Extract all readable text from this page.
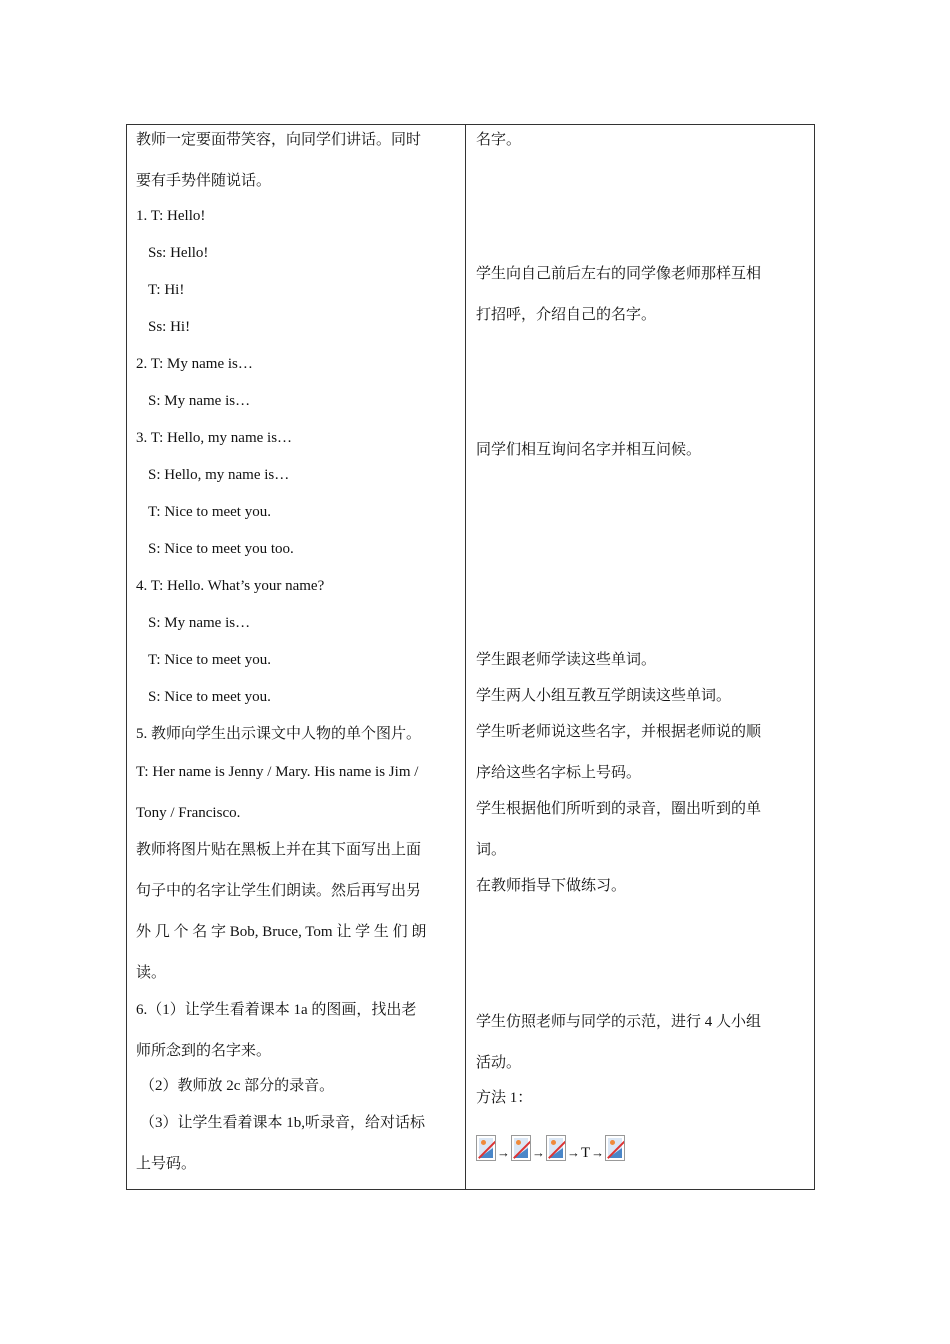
教师一定要面带笑容，向同学们讲话。同时
要有手势伴随说话。
1. T: Hello!
Ss: Hello!
T: Hi!
Ss: Hi!
2. T: My name is…
S: My name is…
3. T: Hello, my name is…
S: Hello, my name is…
T: Nice to meet you.
S: Nice to meet you too.
4. T: Hello. What’s your name?
S: My name is…
T: Nice to meet you.
S: Nice to meet you.
5. 教师向学生出示课文中人物的单个图片。
T: Her name is Jenny / Mary. His name is Jim /
Tony / Francisco.
教师将图片贴在黑板上并在其下面写出上面
句子中的名字让学生们朗读。然后再写出另
外 几 个 名 字 Bob, Bruce, Tom 让 学 生 们 朗
读。
6.（1）让学生看着课本 1a 的图画，找出老
师所念到的名字来。
（2）教师放 2c 部分的录音。
（3）让学生看着课本 1b,听录音，给对话标
上号码。
名字。
学生向自己前后左右的同学像老师那样互相
打招呼，介绍自己的名字。
同学们相互询问名字并相互问候。
学生跟老师学读这些单词。
学生两人小组互教互学朗读这些单词。
学生听老师说这些名字，并根据老师说的顺
序给这些名字标上号码。
学生根据他们所听到的录音，圈出听到的单
词。
在教师指导下做练习。
学生仿照老师与同学的示范，进行 4 人小组
活动。
方法 1：
→ → → T →
